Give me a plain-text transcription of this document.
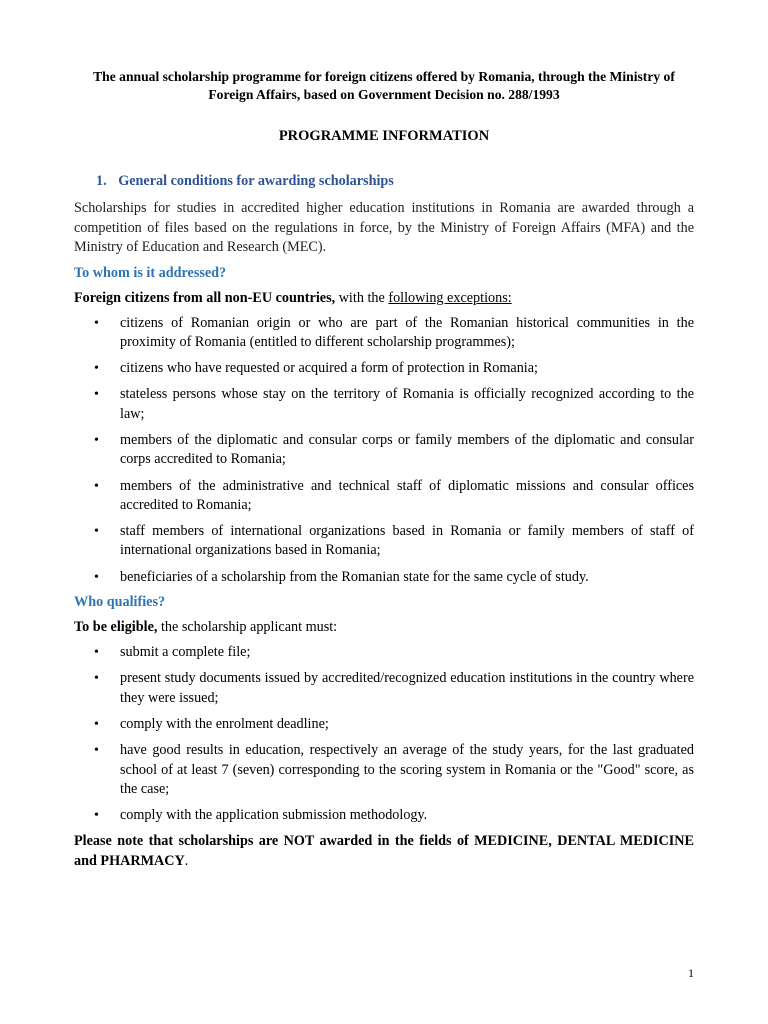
The annual scholarship programme for foreign citizens offered by Romania, through the Ministry of Foreign Affairs, based on Government Decision no. 288/1993
PROGRAMME INFORMATION
1. General conditions for awarding scholarships

Scholarships for studies in accredited higher education institutions in Romania are awarded through a competition of files based on the regulations in force, by the Ministry of Foreign Affairs (MFA) and the Ministry of Education and Research (MEC).

To whom is it addressed?

Foreign citizens from all non-EU countries, with the following exceptions:

• citizens of Romanian origin or who are part of the Romanian historical communities in the proximity of Romania (entitled to different scholarship programmes);
• citizens who have requested or acquired a form of protection in Romania;
• stateless persons whose stay on the territory of Romania is officially recognized according to the law;
• members of the diplomatic and consular corps or family members of the diplomatic and consular corps accredited to Romania;
• members of the administrative and technical staff of diplomatic missions and consular offices accredited to Romania;
• staff members of international organizations based in Romania or family members of staff of international organizations based in Romania;
• beneficiaries of a scholarship from the Romanian state for the same cycle of study.
Who qualifies?

To be eligible, the scholarship applicant must:

• submit a complete file;
• present study documents issued by accredited/recognized education institutions in the country where they were issued;
• comply with the enrolment deadline;
• have good results in education, respectively an average of the study years, for the last graduated school of at least 7 (seven) corresponding to the scoring system in Romania or the "Good" score, as the case;
• comply with the application submission methodology.

Please note that scholarships are NOT awarded in the fields of MEDICINE, DENTAL MEDICINE and PHARMACY.

1
